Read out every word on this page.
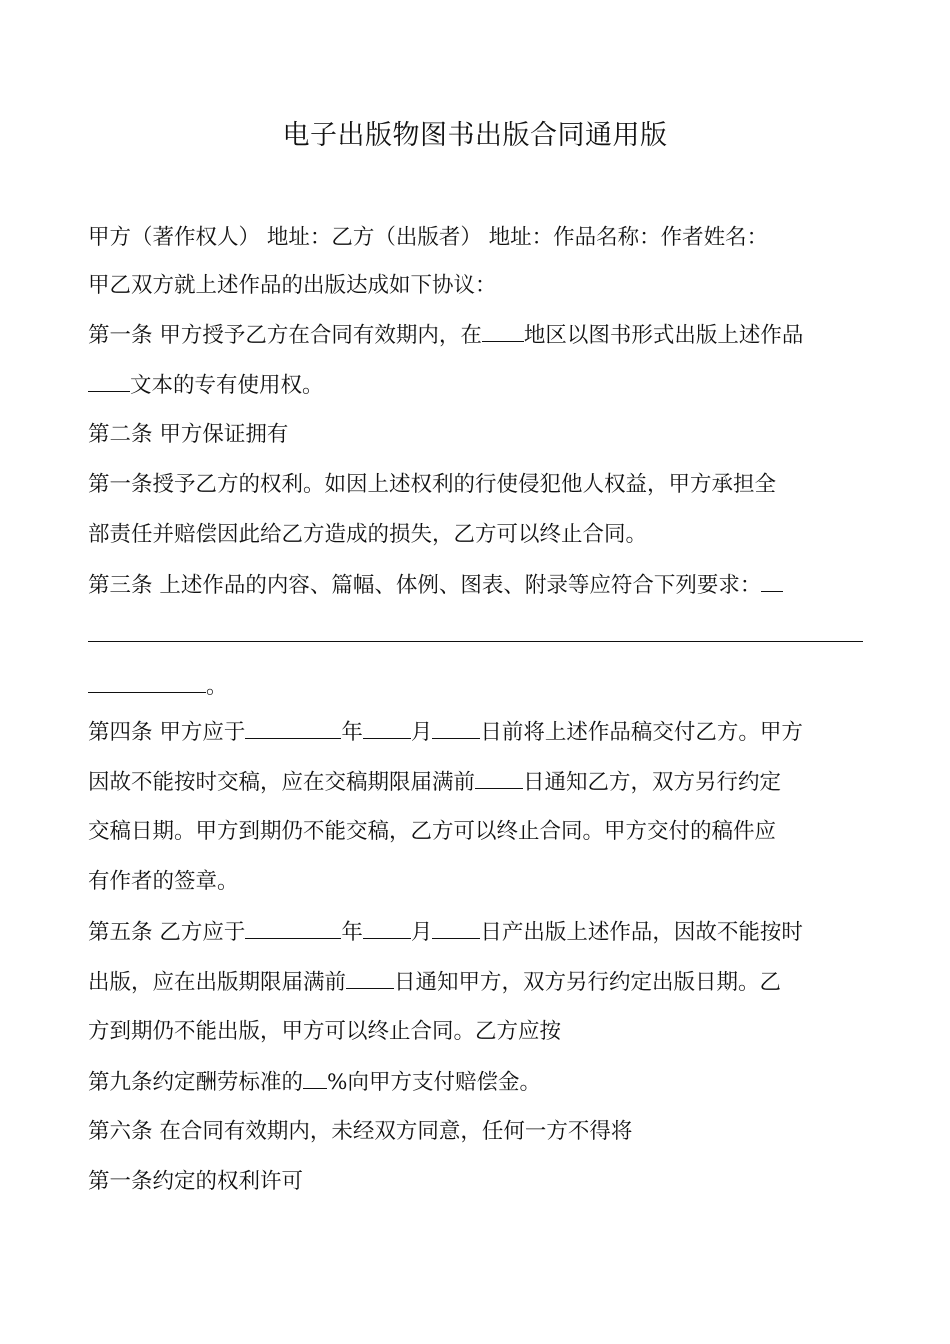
电子出版物图书出版合同通用版
甲方（著作权人） 地址：乙方（出版者） 地址：作品名称：作者姓名：
甲乙双方就上述作品的出版达成如下协议：
第一条 甲方授予乙方在合同有效期内，在 地区以图书形式出版上述作品
文本的专有使用权。
第二条 甲方保证拥有
第一条授予乙方的权利。如因上述权利的行使侵犯他人权益，甲方承担全
部责任并赔偿因此给乙方造成的损失，乙方可以终止合同。
第三条 上述作品的内容、篇幅、体例、图表、附录等应符合下列要求：
。
第四条 甲方应于	年 月 日前将上述作品稿交付乙方。甲方
因故不能按时交稿，应在交稿期限届满前 日通知乙方，双方另行约定
交稿日期。甲方到期仍不能交稿，乙方可以终止合同。甲方交付的稿件应
有作者的签章。
第五条 乙方应于	年 月 日产出版上述作品，因故不能按时
出版，应在出版期限届满前 日通知甲方，双方另行约定出版日期。乙
方到期仍不能出版，甲方可以终止合同。乙方应按
第九条约定酬劳标准的 %向甲方支付赔偿金。
第六条 在合同有效期内，未经双方同意，任何一方不得将
第一条约定的权利许可
